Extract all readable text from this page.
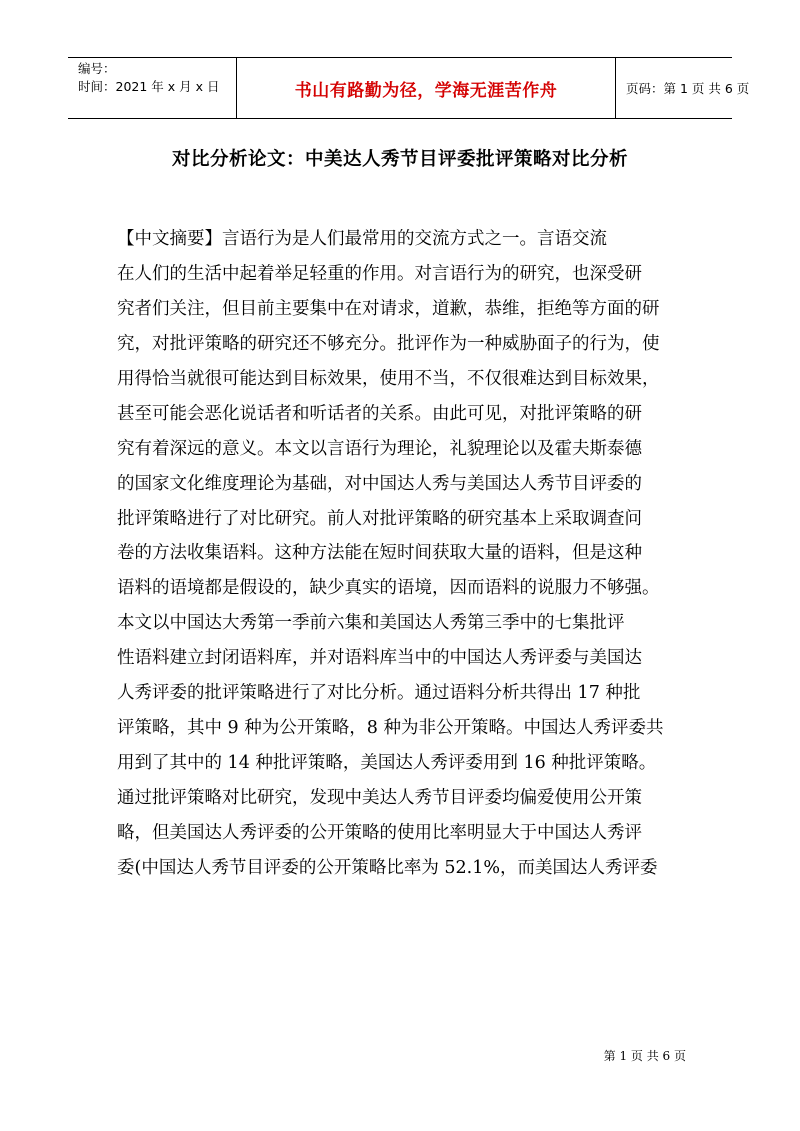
编号：
时间：2021 年 x 月 x 日	书山有路勤为径，学海无涯苦作舟	页码：第 1 页 共 6 页
对比分析论文：中美达人秀节目评委批评策略对比分析
【中文摘要】言语行为是人们最常用的交流方式之一。言语交流
在人们的生活中起着举足轻重的作用。对言语行为的研究，也深受研
究者们关注，但目前主要集中在对请求，道歉，恭维，拒绝等方面的研
究，对批评策略的研究还不够充分。批评作为一种威胁面子的行为，使
用得恰当就很可能达到目标效果，使用不当，不仅很难达到目标效果，
甚至可能会恶化说话者和听话者的关系。由此可见，对批评策略的研
究有着深远的意义。本文以言语行为理论，礼貌理论以及霍夫斯泰德
的国家文化维度理论为基础，对中国达人秀与美国达人秀节目评委的
批评策略进行了对比研究。前人对批评策略的研究基本上采取调查问
卷的方法收集语料。这种方法能在短时间获取大量的语料，但是这种
语料的语境都是假设的，缺少真实的语境，因而语料的说服力不够强。
本文以中国达大秀第一季前六集和美国达人秀第三季中的七集批评
性语料建立封闭语料库，并对语料库当中的中国达人秀评委与美国达
人秀评委的批评策略进行了对比分析。通过语料分析共得出 17 种批
评策略，其中 9 种为公开策略，8 种为非公开策略。中国达人秀评委共
用到了其中的 14 种批评策略，美国达人秀评委用到 16 种批评策略。
通过批评策略对比研究，发现中美达人秀节目评委均偏爱使用公开策
略，但美国达人秀评委的公开策略的使用比率明显大于中国达人秀评
委(中国达人秀节目评委的公开策略比率为 52.1%，而美国达人秀评委
第 1 页 共 6 页
